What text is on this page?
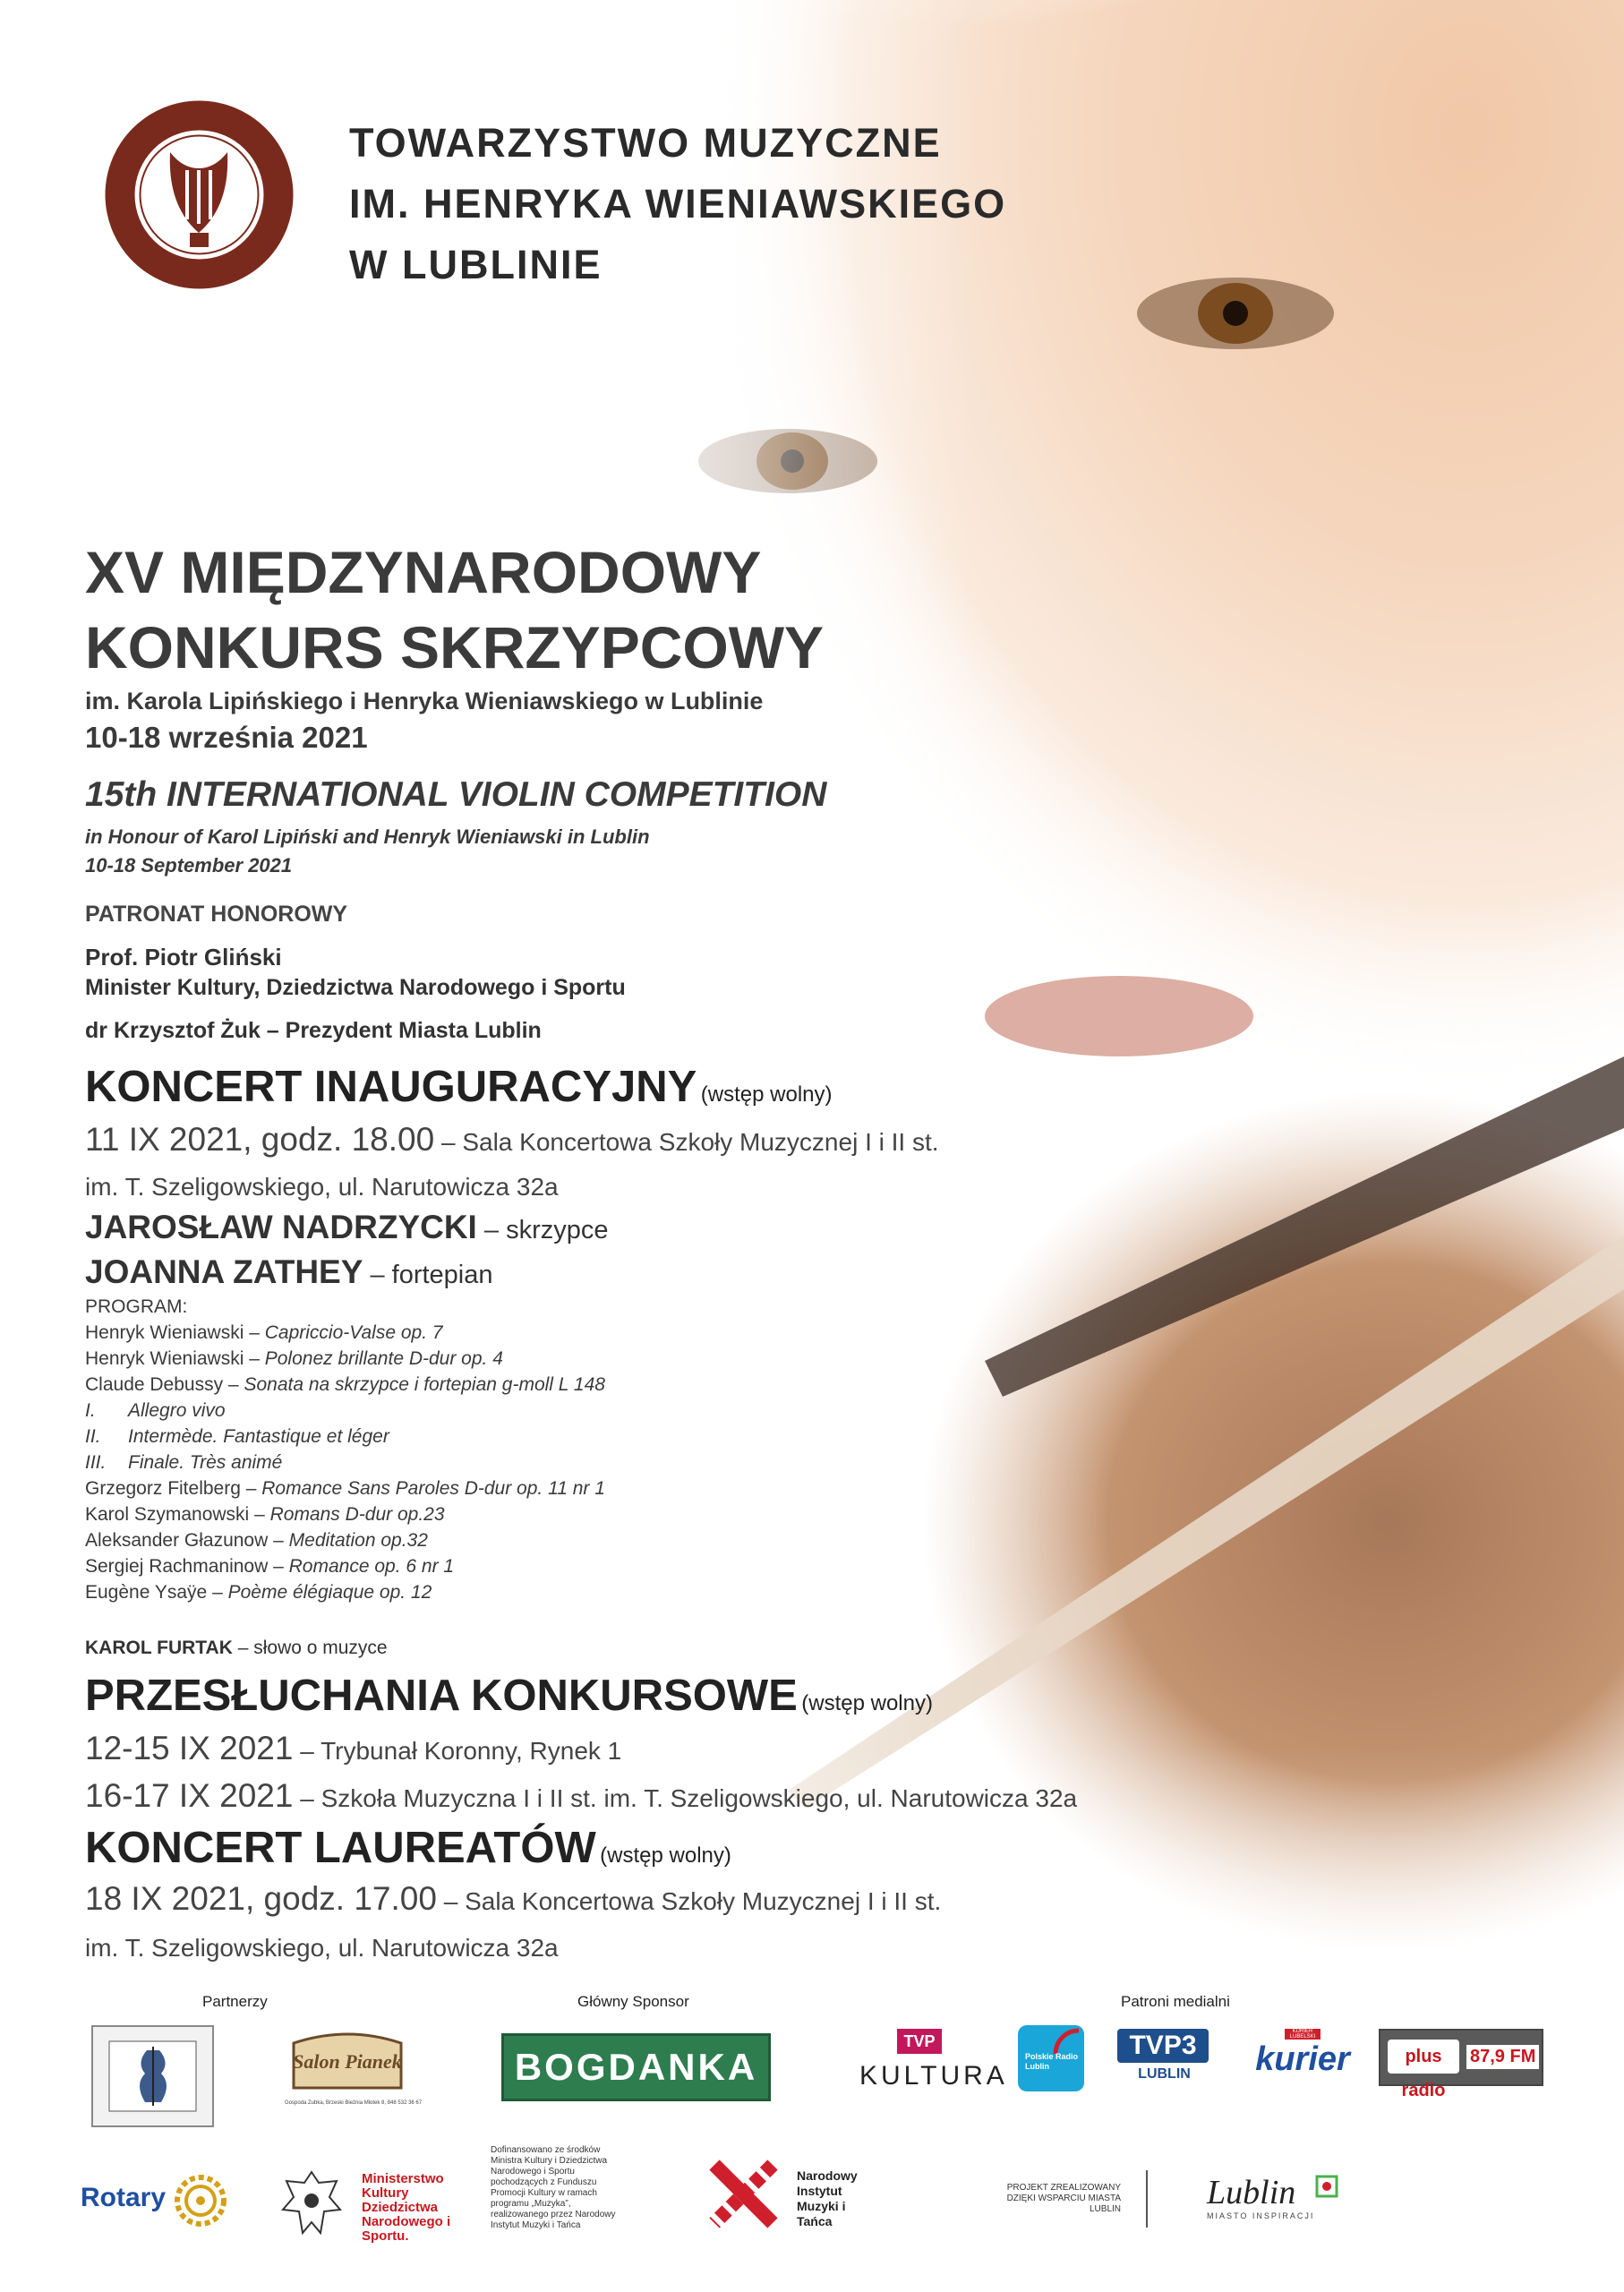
TOWARZYSTWO MUZYCZNE
IM. HENRYKA WIENIAWSKIEGO
W LUBLINIE
XV MIĘDZYNARODOWY
KONKURS SKRZYPCOWY
im. Karola Lipińskiego i Henryka Wieniawskiego w Lublinie
10-18 września 2021
15th INTERNATIONAL VIOLIN COMPETITION
in Honour of Karol Lipiński and Henryk Wieniawski in Lublin
10-18 September 2021
PATRONAT HONOROWY
Prof. Piotr Gliński
Minister Kultury, Dziedzictwa Narodowego i Sportu
dr Krzysztof Żuk – Prezydent Miasta Lublin
KONCERT INAUGURACYJNY (wstęp wolny)
11 IX 2021, godz. 18.00 – Sala Koncertowa Szkoły Muzycznej I i II st.
im. T. Szeligowskiego, ul. Narutowicza 32a
JAROSŁAW NADRZYCKI – skrzypce
JOANNA ZATHEY – fortepian
PROGRAM:
Henryk Wieniawski – Capriccio-Valse op. 7
Henryk Wieniawski – Polonez brillante D-dur op. 4
Claude Debussy – Sonata na skrzypce i fortepian g-moll L 148
I. Allegro vivo
II. Intermède. Fantastique et léger
III. Finale. Très animé
Grzegorz Fitelberg – Romance Sans Paroles D-dur op. 11 nr 1
Karol Szymanowski – Romans D-dur op.23
Aleksander Głazunow – Meditation op.32
Sergiej Rachmaninow – Romance op. 6 nr 1
Eugène Ysaÿe – Poème élégiaque op. 12
KAROL FURTAK – słowo o muzyce
PRZESŁUCHANIA KONKURSOWE (wstęp wolny)
12-15 IX 2021 – Trybunał Koronny, Rynek 1
16-17 IX 2021 – Szkoła Muzyczna I i II st. im. T. Szeligowskiego, ul. Narutowicza 32a
KONCERT LAUREATÓW (wstęp wolny)
18 IX 2021, godz. 17.00 – Sala Koncertowa Szkoły Muzycznej I i II st.
im. T. Szeligowskiego, ul. Narutowicza 32a
Partnerzy	Główny Sponsor	Patroni medialni
Salon Pianek
Gospoda Zubka, Brzeski Bieżnia Mlotek 8, 848 532 36 67
BOGDANKA
TVP
KULTURA
Polskie Radio Lublin
TVP3
LUBLIN
KURIER LUBELSKI
kurier	plus radio
87,9 FM
Rotary
Ministerstwo Kultury Dziedzictwa Narodowego i Sportu.
Dofinansowano ze środków Ministra Kultury i Dziedzictwa Narodowego i Sportu pochodzących z Funduszu Promocji Kultury w ramach programu „Muzyka”, realizowanego przez Narodowy Instytut Muzyki i Tańca
Narodowy Instytut Muzyki i Tańca
PROJEKT ZREALIZOWANY DZIĘKI WSPARCIU MIASTA LUBLIN	Lublin
MIASTO INSPIRACJI
